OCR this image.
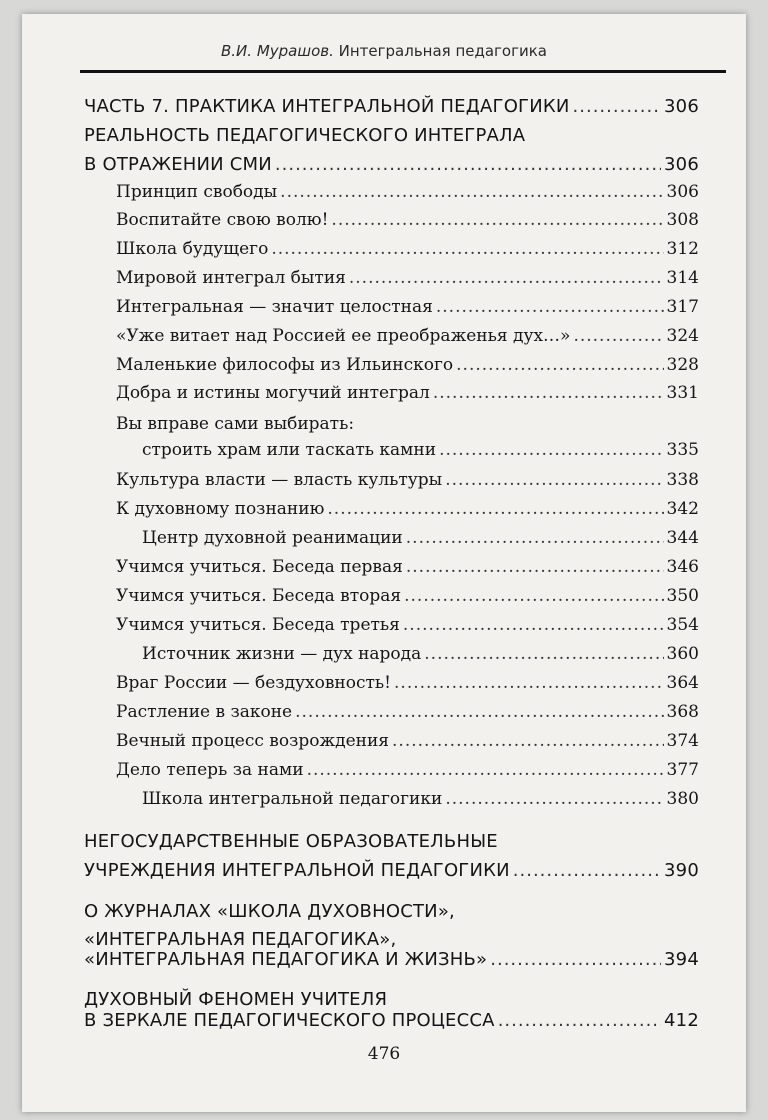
В.И. Мурашов. Интегральная педагогика
ЧАСТЬ 7. ПРАКТИКА ИНТЕГРАЛЬНОЙ ПЕДАГОГИКИ .....	306
РЕАЛЬНОСТЬ ПЕДАГОГИЧЕСКОГО ИНТЕГРАЛА
В ОТРАЖЕНИИ СМИ .....	306
Принцип свободы .....	306
Воспитайте свою волю! .....	308
Школа будущего .....	312
Мировой интеграл бытия .....	314
Интегральная — значит целостная .....	317
«Уже витает над Россией ее преображенья дух…» .....	324
Маленькие философы из Ильинского .....	328
Добра и истины могучий интеграл .....	331
Вы вправе сами выбирать:
строить храм или таскать камни .....	335
Культура власти — власть культуры .....	338
К духовному познанию .....	342
Центр духовной реанимации .....	344
Учимся учиться. Беседа первая .....	346
Учимся учиться. Беседа вторая .....	350
Учимся учиться. Беседа третья .....	354
Источник жизни — дух народа .....	360
Враг России — бездуховность! .....	364
Растление в законе .....	368
Вечный процесс возрождения .....	374
Дело теперь за нами .....	377
Школа интегральной педагогики .....	380
НЕГОСУДАРСТВЕННЫЕ ОБРАЗОВАТЕЛЬНЫЕ
УЧРЕЖДЕНИЯ ИНТЕГРАЛЬНОЙ ПЕДАГОГИКИ .....	390
О ЖУРНАЛАХ «ШКОЛА ДУХОВНОСТИ»,
«ИНТЕГРАЛЬНАЯ ПЕДАГОГИКА»,
«ИНТЕГРАЛЬНАЯ ПЕДАГОГИКА И ЖИЗНЬ» .....	394
ДУХОВНЫЙ ФЕНОМЕН УЧИТЕЛЯ
В ЗЕРКАЛЕ ПЕДАГОГИЧЕСКОГО ПРОЦЕССА .....	412
476
